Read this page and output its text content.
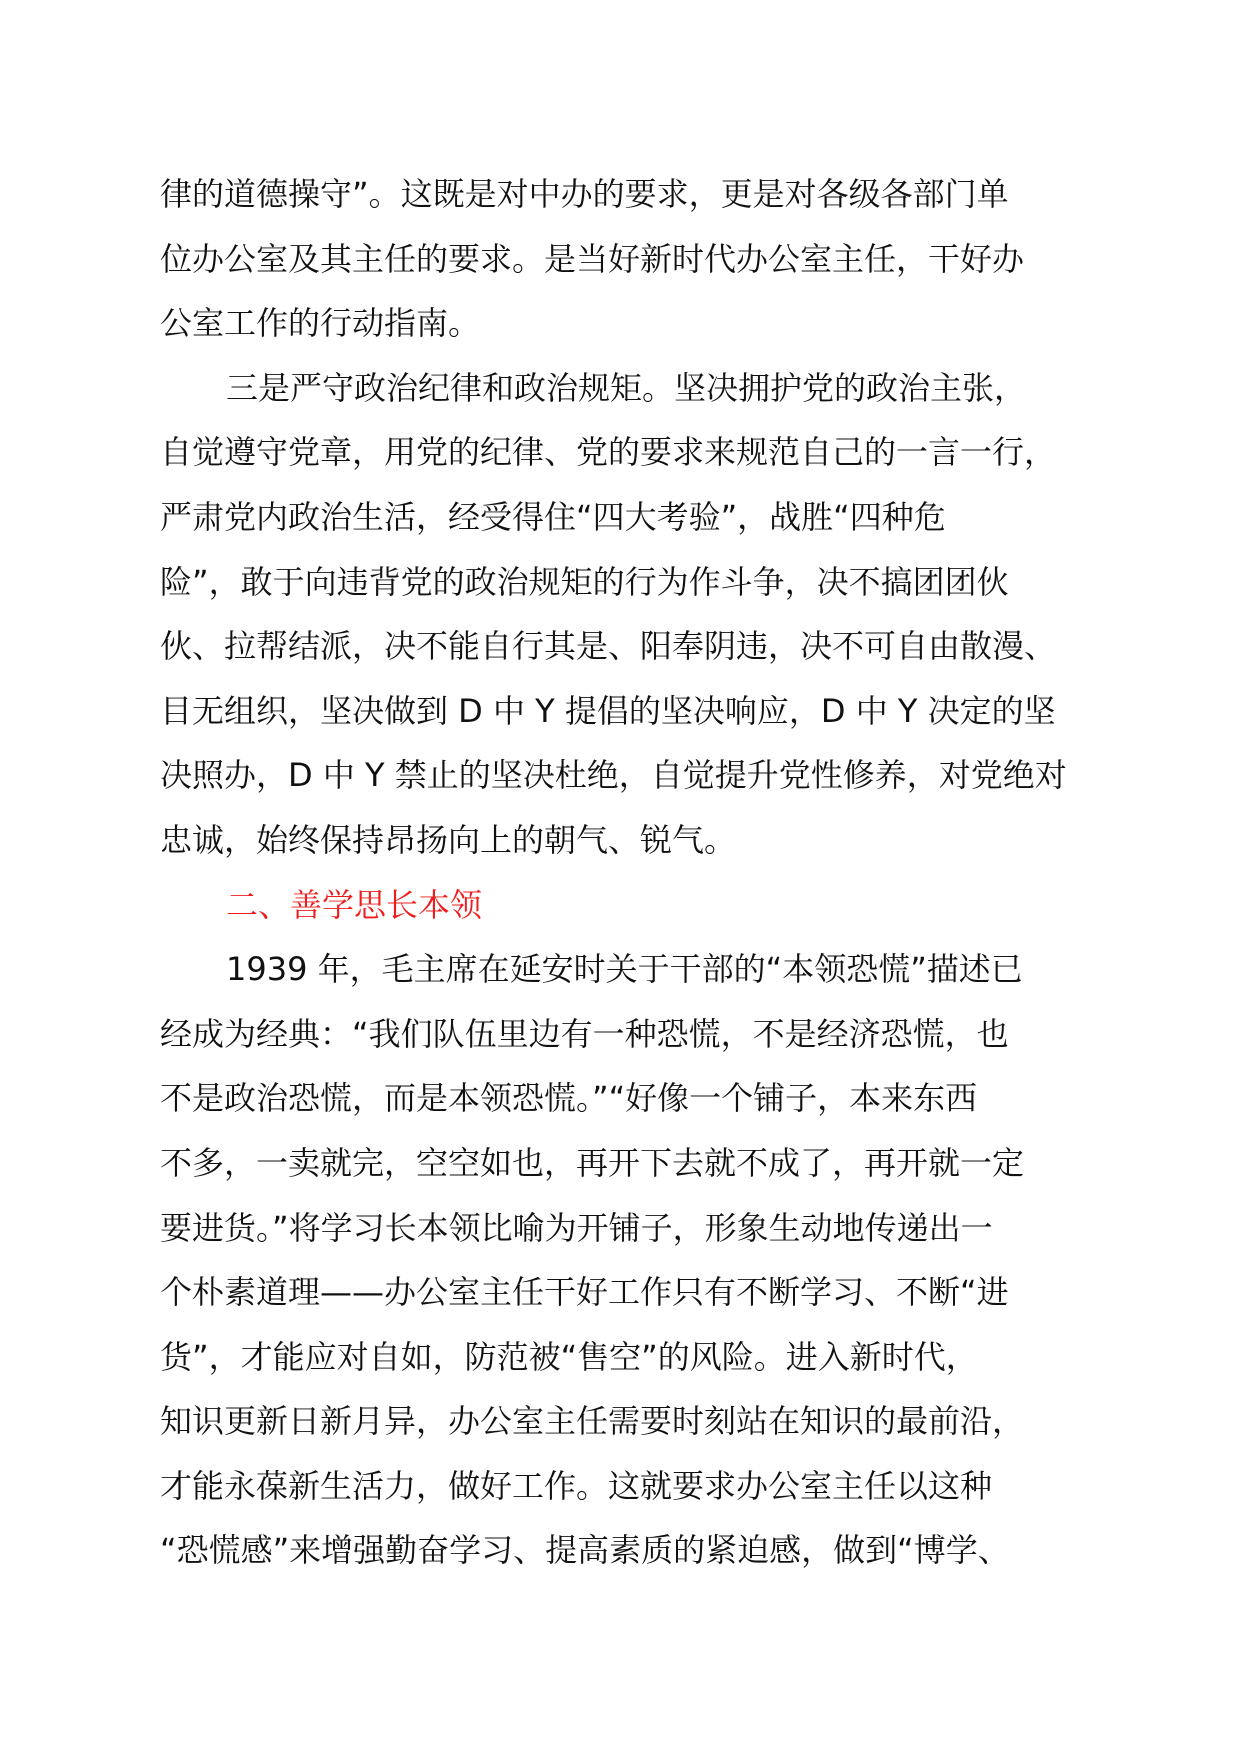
律的道德操守”。这既是对中办的要求，更是对各级各部门单
位办公室及其主任的要求。是当好新时代办公室主任，干好办
公室工作的行动指南。
三是严守政治纪律和政治规矩。坚决拥护党的政治主张，
自觉遵守党章，用党的纪律、党的要求来规范自己的一言一行，
严肃党内政治生活，经受得住“四大考验”，战胜“四种危
险”，敢于向违背党的政治规矩的行为作斗争，决不搞团团伙
伙、拉帮结派，决不能自行其是、阳奉阴违，决不可自由散漫、
目无组织，坚决做到 D 中 Y 提倡的坚决响应，D 中 Y 决定的坚
决照办，D 中 Y 禁止的坚决杜绝，自觉提升党性修养，对党绝对
忠诚，始终保持昂扬向上的朝气、锐气。
二、善学思长本领
1939 年，毛主席在延安时关于干部的“本领恐慌”描述已
经成为经典：“我们队伍里边有一种恐慌，不是经济恐慌，也
不是政治恐慌，而是本领恐慌。”“好像一个铺子，本来东西
不多，一卖就完，空空如也，再开下去就不成了，再开就一定
要进货。”将学习长本领比喻为开铺子，形象生动地传递出一
个朴素道理——办公室主任干好工作只有不断学习、不断“进
货”，才能应对自如，防范被“售空”的风险。进入新时代，
知识更新日新月异，办公室主任需要时刻站在知识的最前沿，
才能永葆新生活力，做好工作。这就要求办公室主任以这种
“恐慌感”来增强勤奋学习、提高素质的紧迫感，做到“博学、
